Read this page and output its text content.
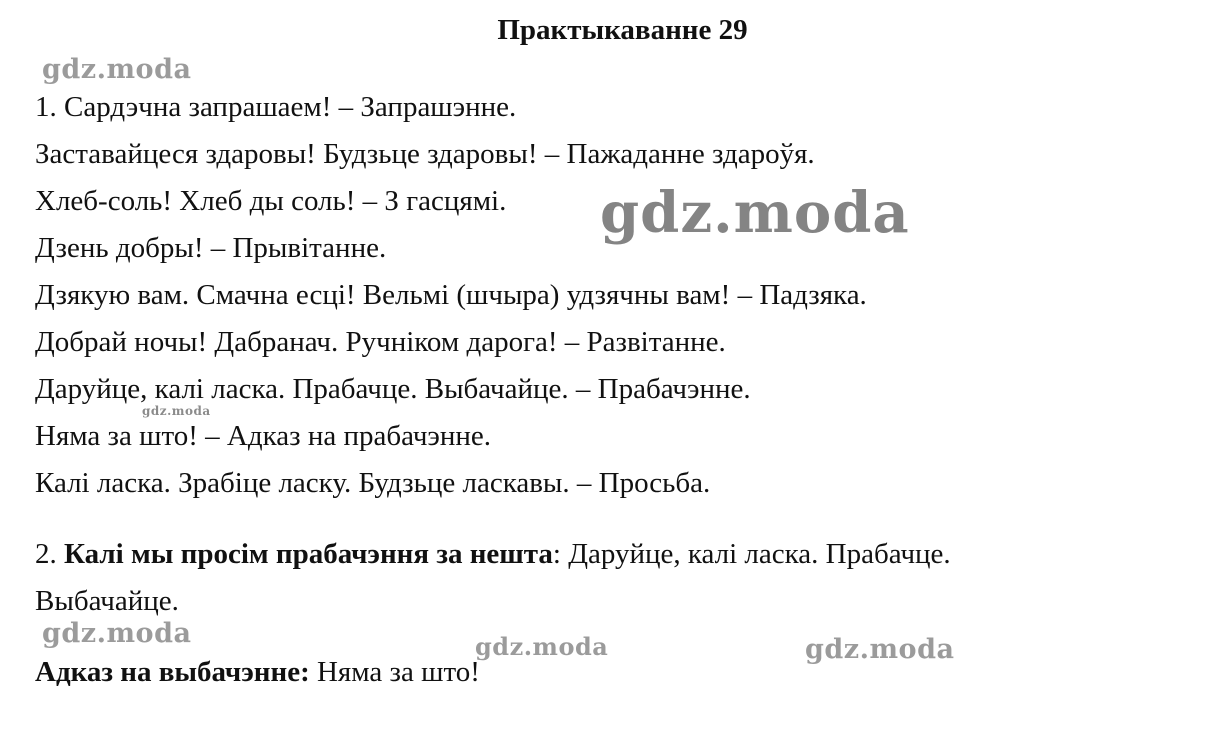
Практыкаванне 29
1. Сардэчна запрашаем! – Запрашэнне.
Заставайцеся здаровы! Будзьце здаровы! – Пажаданне здароўя.
Хлеб-соль! Хлеб ды соль! – З гасцямі.
Дзень добры! – Прывітанне.
Дзякую вам. Смачна есці! Вельмі (шчыра) удзячны вам! – Падзяка.
Добрай ночы! Дабранач. Ручніком дарога! – Развітанне.
Даруйце, калі ласка. Прабачце. Выбачайце. – Прабачэнне.
Няма за што! – Адказ на прабачэнне.
Калі ласка. Зрабіце ласку. Будзьце ласкавы. – Просьба.
2. Калі мы просім прабачэння за нешта: Даруйце, калі ласка. Прабачце.
Выбачайце.
Адказ на выбачэнне: Няма за што!
gdz.moda
gdz.moda
gdz.moda
gdz.moda	gdz.moda	gdz.moda
